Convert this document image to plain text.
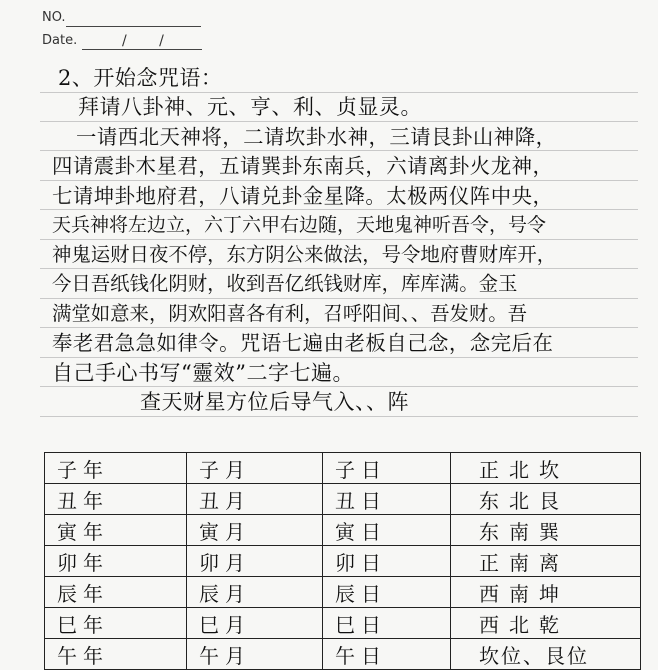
NO.
Date.	/ /
2、开始念咒语：
拜请八卦神、元、亨、利、贞显灵。
一请西北天神将，二请坎卦水神，三请艮卦山神降，
四请震卦木星君，五请巽卦东南兵，六请离卦火龙神，
七请坤卦地府君，八请兑卦金星降。太极两仪阵中央，
天兵神将左边立，六丁六甲右边随，天地鬼神听吾令，号令
神鬼运财日夜不停，东方阴公来做法，号令地府曹财库开，
今日吾纸钱化阴财，收到吾亿纸钱财库，库库满。金玉
满堂如意来，阴欢阳喜各有利，召呼阳间、、吾发财。吾
奉老君急急如律令。咒语七遍由老板自己念，念完后在
自己手心书写“靈效”二字七遍。
查天财星方位后导气入、、阵
子年	子月	子日	正北坎
丑年	丑月	丑日	东北艮
寅年	寅月	寅日	东南巽
卯年	卯月	卯日	正南离
辰年	辰月	辰日	西南坤
巳年	巳月	巳日	西北乾
午年	午月	午日	坎位、艮位
